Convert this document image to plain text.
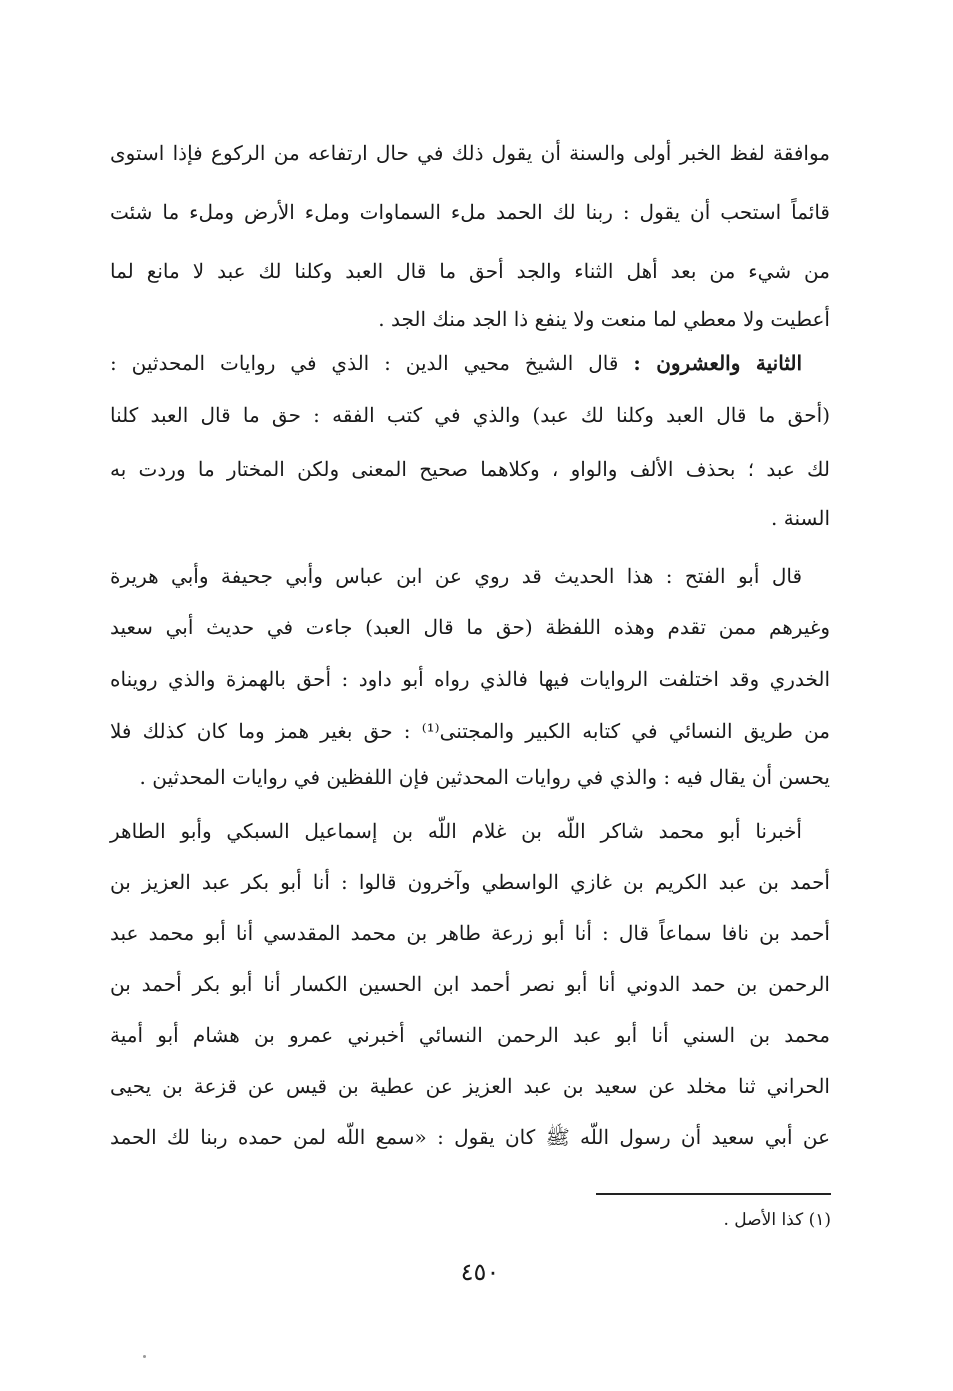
موافقة لفظ الخبر أولى والسنة أن يقول ذلك في حال ارتفاعه من الركوع فإذا استوى
قائماً استحب أن يقول : ربنا لك الحمد ملء السماوات وملء الأرض وملء ما شئت
من شيء من بعد أهل الثناء والجد أحق ما قال العبد وكلنا لك عبد لا مانع لما
أعطيت ولا معطي لما منعت ولا ينفع ذا الجد منك الجد .
الثانية والعشرون : قال الشيخ محيي الدين : الذي في روايات المحدثين :
(أحق ما قال العبد وكلنا لك عبد) والذي في كتب الفقه : حق ما قال العبد كلنا
لك عبد ؛ بحذف الألف والواو ، وكلاهما صحيح المعنى ولكن المختار ما وردت به
السنة .
قال أبو الفتح : هذا الحديث قد روي عن ابن عباس وأبي جحيفة وأبي هريرة
وغيرهم ممن تقدم وهذه اللفظة (حق ما قال العبد) جاءت في حديث أبي سعيد
الخدري وقد اختلفت الروايات فيها فالذي رواه أبو داود : أحق بالهمزة والذي رويناه
من طريق النسائي في كتابه الكبير والمجتنى⁽¹⁾ : حق بغير همز وما كان كذلك فلا
يحسن أن يقال فيه : والذي في روايات المحدثين فإن اللفظين في روايات المحدثين .
أخبرنا أبو محمد شاكر اللّه بن غلام اللّه بن إسماعيل السبكي وأبو الطاهر
أحمد بن عبد الكريم بن غازي الواسطي وآخرون قالوا : أنا أبو بكر عبد العزيز بن
أحمد بن نافا سماعاً قال : أنا أبو زرعة طاهر بن محمد المقدسي أنا أبو محمد عبد
الرحمن بن حمد الدوني أنا أبو نصر أحمد ابن الحسين الكسار أنا أبو بكر أحمد بن
محمد بن السني أنا أبو عبد الرحمن النسائي أخبرني عمرو بن هشام أبو أمية
الحراني ثنا مخلد عن سعيد بن عبد العزيز عن عطية بن قيس عن قزعة بن يحيى
عن أبي سعيد أن رسول اللّه ﷺ كان يقول : «سمع اللّه لمن حمده ربنا لك الحمد
(١) كذا الأصل .
٤٥٠
